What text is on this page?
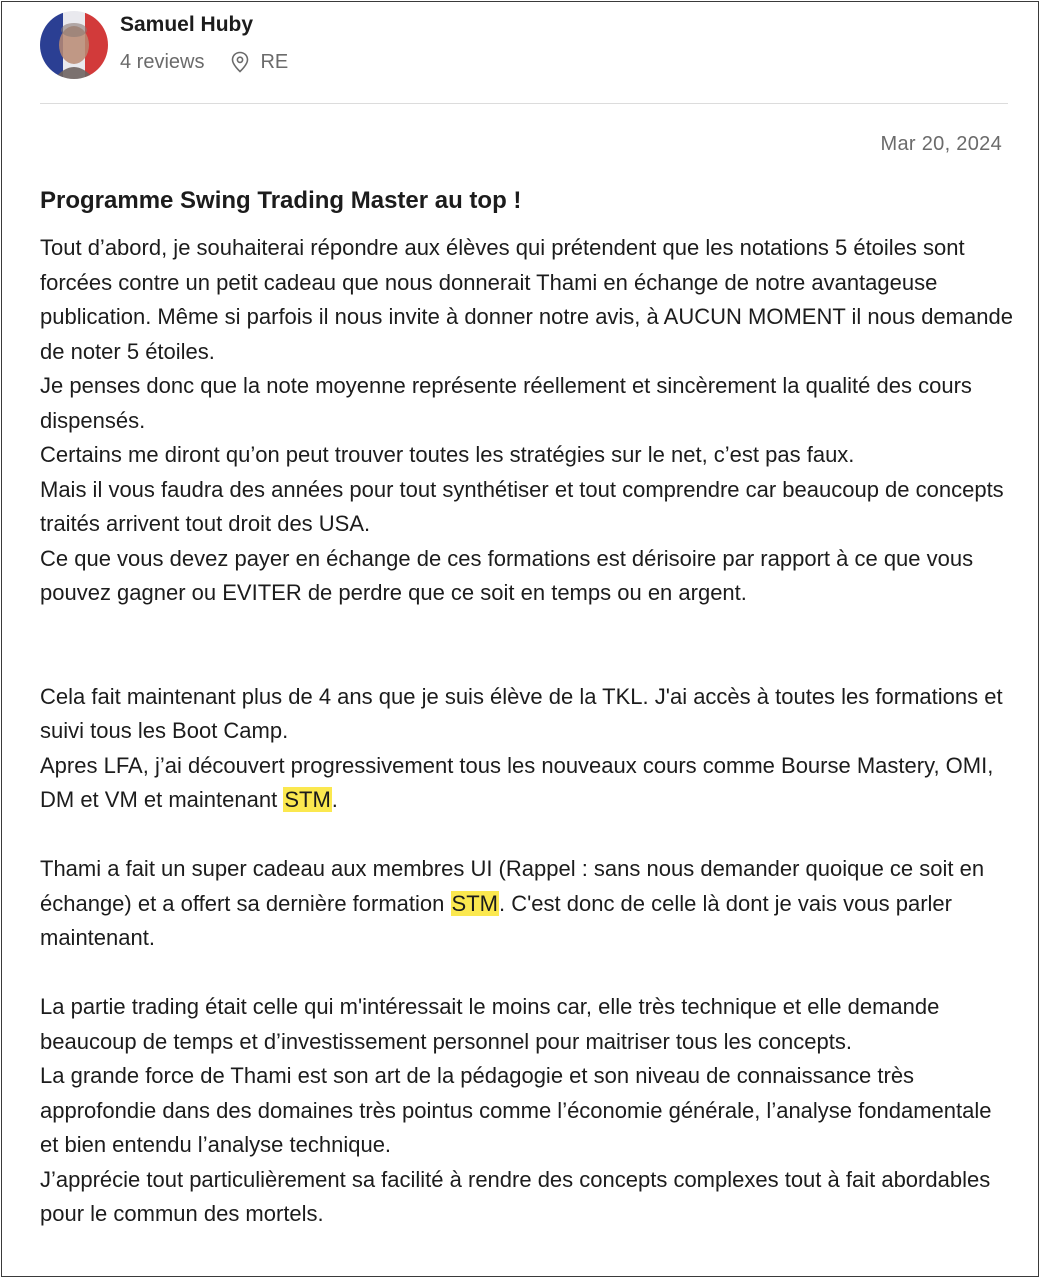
Samuel Huby
4 reviews	RE
Mar 20, 2024
Programme Swing Trading Master au top !

Tout d’abord, je souhaiterai répondre aux élèves qui prétendent que les notations 5 étoiles sont forcées contre un petit cadeau que nous donnerait Thami en échange de notre avantageuse publication. Même si parfois il nous invite à donner notre avis, à AUCUN MOMENT il nous demande de noter 5 étoiles.

Je penses donc que la note moyenne représente réellement et sincèrement la qualité des cours dispensés.

Certains me diront qu’on peut trouver toutes les stratégies sur le net, c’est pas faux.

Mais il vous faudra des années pour tout synthétiser et tout comprendre car beaucoup de concepts traités arrivent tout droit des USA.

Ce que vous devez payer en échange de ces formations est dérisoire par rapport à ce que vous pouvez gagner ou EVITER de perdre que ce soit en temps ou en argent.

Cela fait maintenant plus de 4 ans que je suis élève de la TKL. J'ai accès à toutes les formations et suivi tous les Boot Camp.

Apres LFA, j’ai découvert progressivement tous les nouveaux cours comme Bourse Mastery, OMI, DM et VM et maintenant STM.

Thami a fait un super cadeau aux membres UI (Rappel : sans nous demander quoique ce soit en échange) et a offert sa dernière formation STM. C'est donc de celle là dont je vais vous parler maintenant.

La partie trading était celle qui m'intéressait le moins car, elle très technique et elle demande beaucoup de temps et d’investissement personnel pour maitriser tous les concepts.

La grande force de Thami est son art de la pédagogie et son niveau de connaissance très approfondie dans des domaines très pointus comme l’économie générale, l’analyse fondamentale et bien entendu l’analyse technique.

J’apprécie tout particulièrement sa facilité à rendre des concepts complexes tout à fait abordables pour le commun des mortels.
